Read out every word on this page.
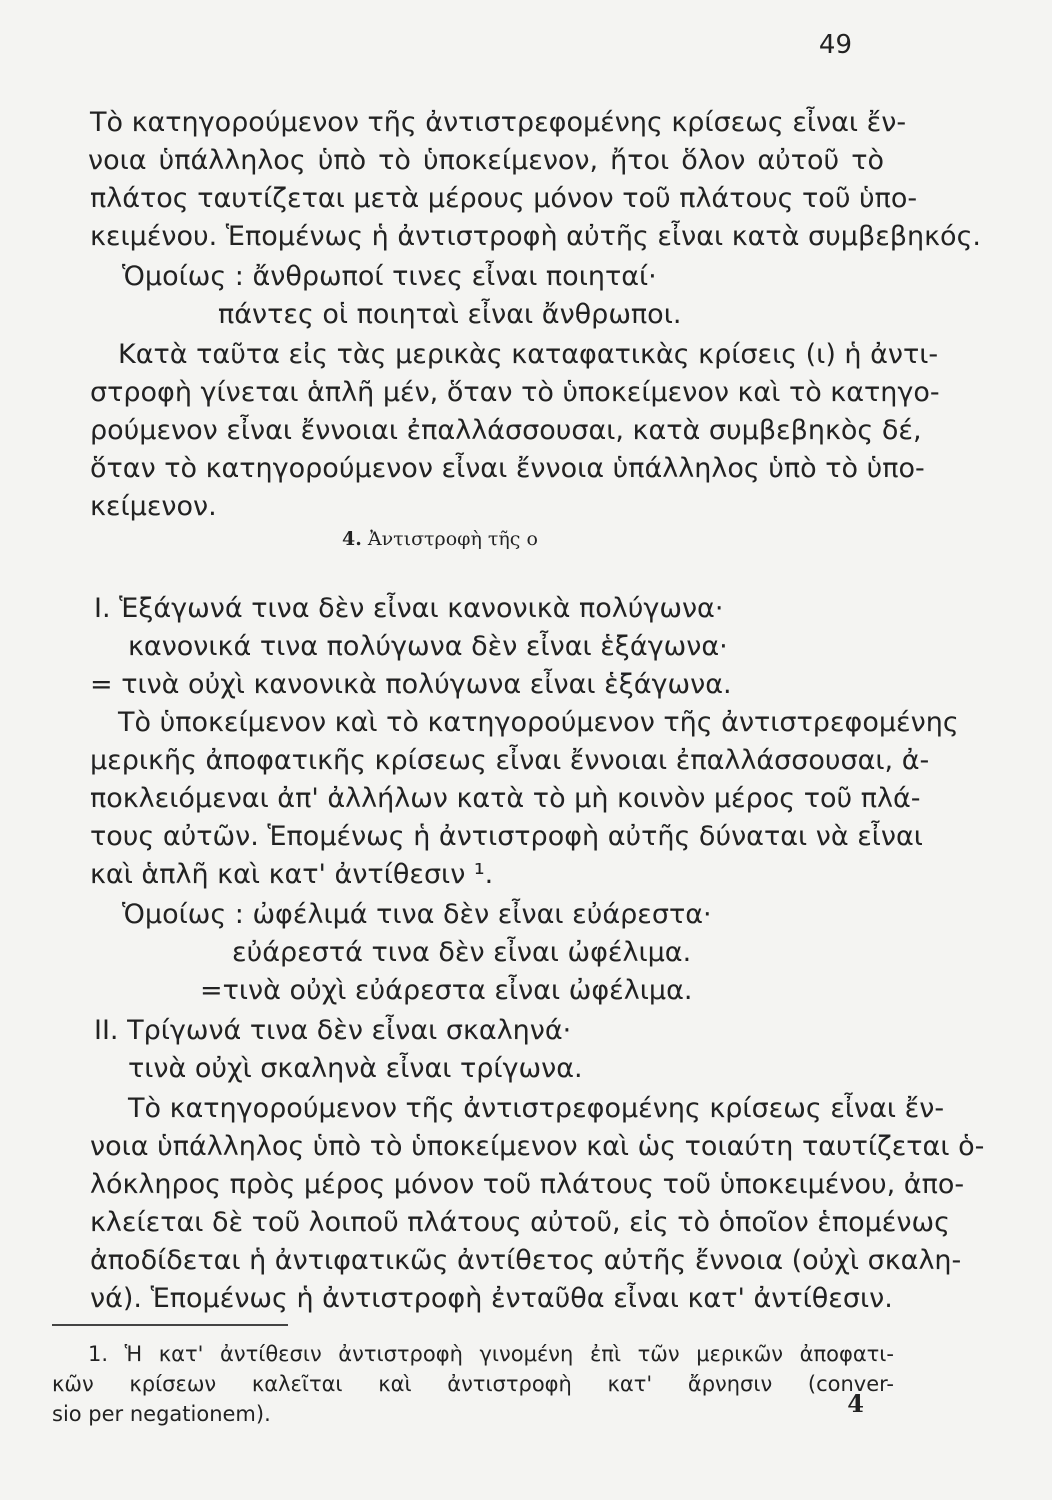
49
Τὸ κατηγορούμενον τῆς ἀντιστρεφομένης κρίσεως εἶναι ἔν-
νοια ὑπάλληλος ὑπὸ τὸ ὑποκείμενον, ἤτοι ὅλον αὐτοῦ τὸ
πλάτος ταυτίζεται μετὰ μέρους μόνον τοῦ πλάτους τοῦ ὑπο-
κειμένου. Ἑπομένως ἡ ἀντιστροφὴ αὐτῆς εἶναι κατὰ συμβεβηκός.
Ὁμοίως : ἄνθρωποί τινες εἶναι ποιηταί·
πάντες οἱ ποιηταὶ εἶναι ἄνθρωποι.
Κατὰ ταῦτα εἰς τὰς μερικὰς καταφατικὰς κρίσεις (ι) ἡ ἀντι-
στροφὴ γίνεται ἁπλῆ μέν, ὅταν τὸ ὑποκείμενον καὶ τὸ κατηγο-
ρούμενον εἶναι ἔννοιαι ἐπαλλάσσουσαι, κατὰ συμβεβηκὸς δέ,
ὅταν τὸ κατηγορούμενον εἶναι ἔννοια ὑπάλληλος ὑπὸ τὸ ὑπο-
κείμενον.
4. Ἀντιστροφὴ τῆς ο
I. Ἑξάγωνά τινα δὲν εἶναι κανονικὰ πολύγωνα·
κανονικά τινα πολύγωνα δὲν εἶναι ἑξάγωνα·
= τινὰ οὐχὶ κανονικὰ πολύγωνα εἶναι ἑξάγωνα.
Τὸ ὑποκείμενον καὶ τὸ κατηγορούμενον τῆς ἀντιστρεφομένης
μερικῆς ἀποφατικῆς κρίσεως εἶναι ἔννοιαι ἐπαλλάσσουσαι, ἀ-
ποκλειόμεναι ἀπ' ἀλλήλων κατὰ τὸ μὴ κοινὸν μέρος τοῦ πλά-
τους αὐτῶν. Ἑπομένως ἡ ἀντιστροφὴ αὐτῆς δύναται νὰ εἶναι
καὶ ἁπλῆ καὶ κατ' ἀντίθεσιν ¹.
Ὁμοίως : ὠφέλιμά τινα δὲν εἶναι εὐάρεστα·
εὐάρεστά τινα δὲν εἶναι ὠφέλιμα.
=τινὰ οὐχὶ εὐάρεστα εἶναι ὠφέλιμα.
II. Τρίγωνά τινα δὲν εἶναι σκαληνά·
τινὰ οὐχὶ σκαληνὰ εἶναι τρίγωνα.
Τὸ κατηγορούμενον τῆς ἀντιστρεφομένης κρίσεως εἶναι ἔν-
νοια ὑπάλληλος ὑπὸ τὸ ὑποκείμενον καὶ ὡς τοιαύτη ταυτίζεται ὁ-
λόκληρος πρὸς μέρος μόνον τοῦ πλάτους τοῦ ὑποκειμένου, ἀπο-
κλείεται δὲ τοῦ λοιποῦ πλάτους αὐτοῦ, εἰς τὸ ὁποῖον ἑπομένως
ἀποδίδεται ἡ ἀντιφατικῶς ἀντίθετος αὐτῆς ἔννοια (οὐχὶ σκαλη-
νά). Ἑπομένως ἡ ἀντιστροφὴ ἐνταῦθα εἶναι κατ' ἀντίθεσιν.
1. Ἡ κατ' ἀντίθεσιν ἀντιστροφὴ γινομένη ἐπὶ τῶν μερικῶν ἀποφατι-
κῶν κρίσεων καλεῖται καὶ ἀντιστροφὴ κατ' ἄρνησιν (conver-
sio per negationem).	4
